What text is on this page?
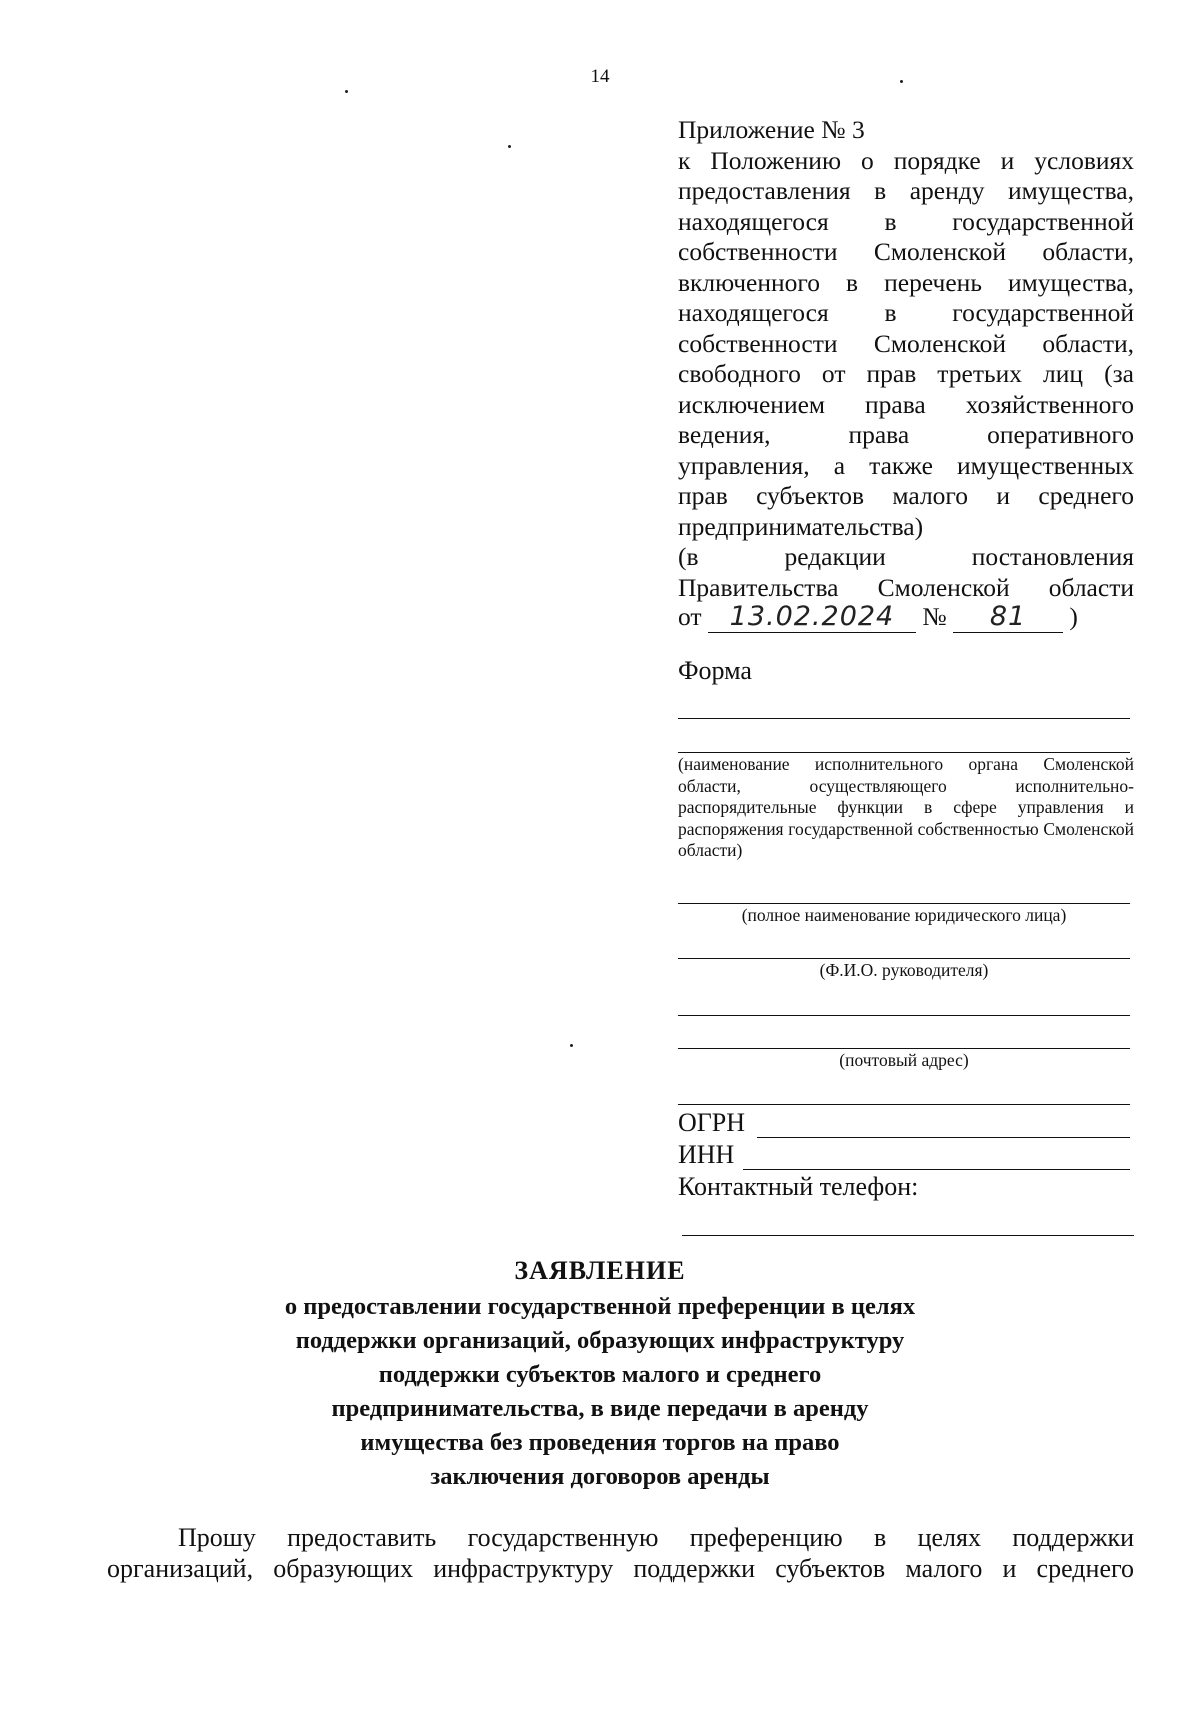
14
Приложение № 3
к Положению о порядке и условиях
предоставления в аренду имущества,
находящегося в государственной
собственности Смоленской области,
включенного в перечень имущества,
находящегося в государственной
собственности Смоленской области,
свободного от прав третьих лиц (за
исключением права хозяйственного
ведения, права оперативного
управления, а также имущественных
прав субъектов малого и среднего
предпринимательства)
(в редакции постановления
Правительства Смоленской области
от 13.02.2024 № 81 )
Форма
(наименование исполнительного органа Смоленской области, осуществляющего исполнительно-распорядительные функции в сфере управления и распоряжения государственной собственностью Смоленской области)
(полное наименование юридического лица)
(Ф.И.О. руководителя)
(почтовый адрес)
ОГРН
ИНН
Контактный телефон:
ЗАЯВЛЕНИЕ
о предоставлении государственной преференции в целях
поддержки организаций, образующих инфраструктуру
поддержки субъектов малого и среднего
предпринимательства, в виде передачи в аренду
имущества без проведения торгов на право
заключения договоров аренды
Прошу предоставить государственную преференцию в целях поддержки
организаций, образующих инфраструктуру поддержки субъектов малого и среднего
